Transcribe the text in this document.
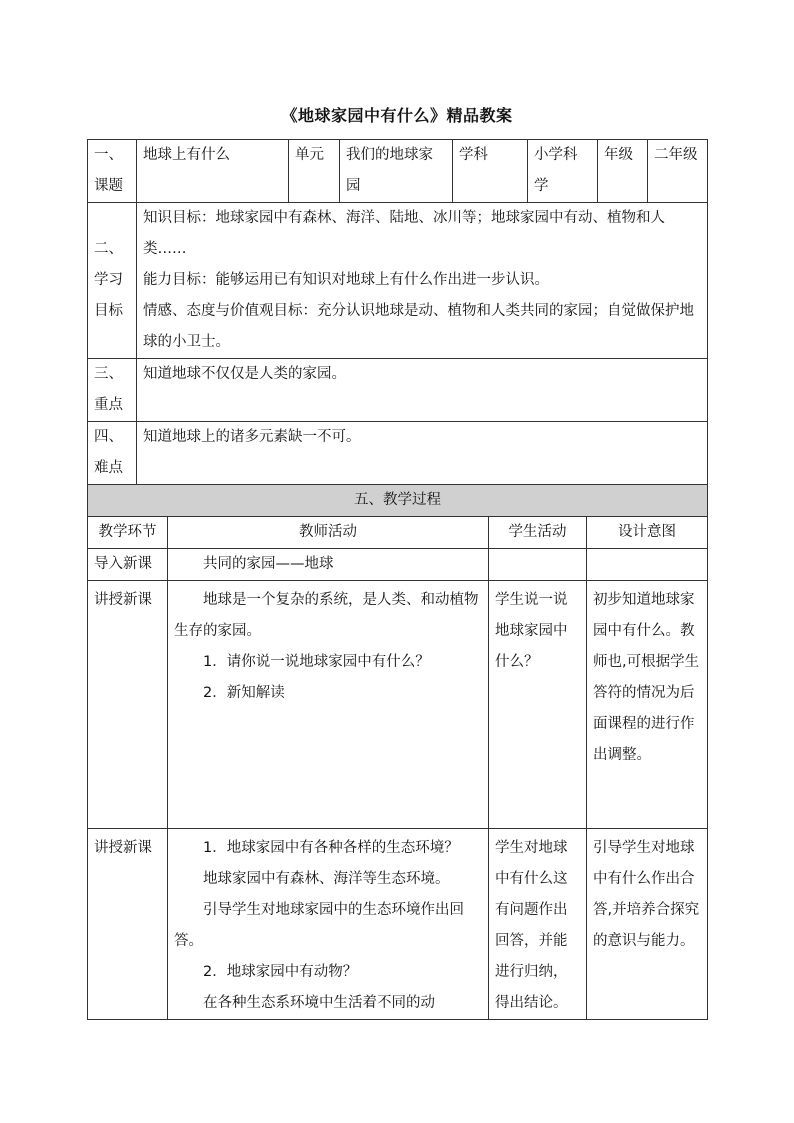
《地球家园中有什么》精品教案
一、课题	地球上有什么	单元	我们的地球家园	学科	小学科学	年级	二年级
二、学习目标	知识目标：地球家园中有森林、海洋、陆地、冰川等；地球家园中有动、植物和人类……

能力目标：能够运用已有知识对地球上有什么作出进一步认识。

情感、态度与价值观目标：充分认识地球是动、植物和人类共同的家园；自觉做保护地球的小卫士。						

三、重点	知道地球不仅仅是人类的家园。						
四、难点	知道地球上的诸多元素缺一不可。						
五、教学过程			
教学环节	教师活动	学生活动	设计意图
导入新课	共同的家园——地球		

讲授新课	地球是一个复杂的系统，是人类、和动植物生存的家园。

1．请你说一说地球家园中有什么？

2．新知解读	学生说一说地球家园中什么？	初步知道地球家园中有什么。教师也,可根据学生答符的情况为后面课程的进行作出调整。
讲授新课	1．地球家园中有各种各样的生态环境？

地球家园中有森林、海洋等生态环境。

引导学生对地球家园中的生态环境作出回答。

2．地球家园中有动物？

在各种生态系环境中生活着不同的动	学生对地球中有什么这有问题作出回答，并能进行归纳，得出结论。	引导学生对地球中有什么作出合答,并培养合探究的意识与能力。
